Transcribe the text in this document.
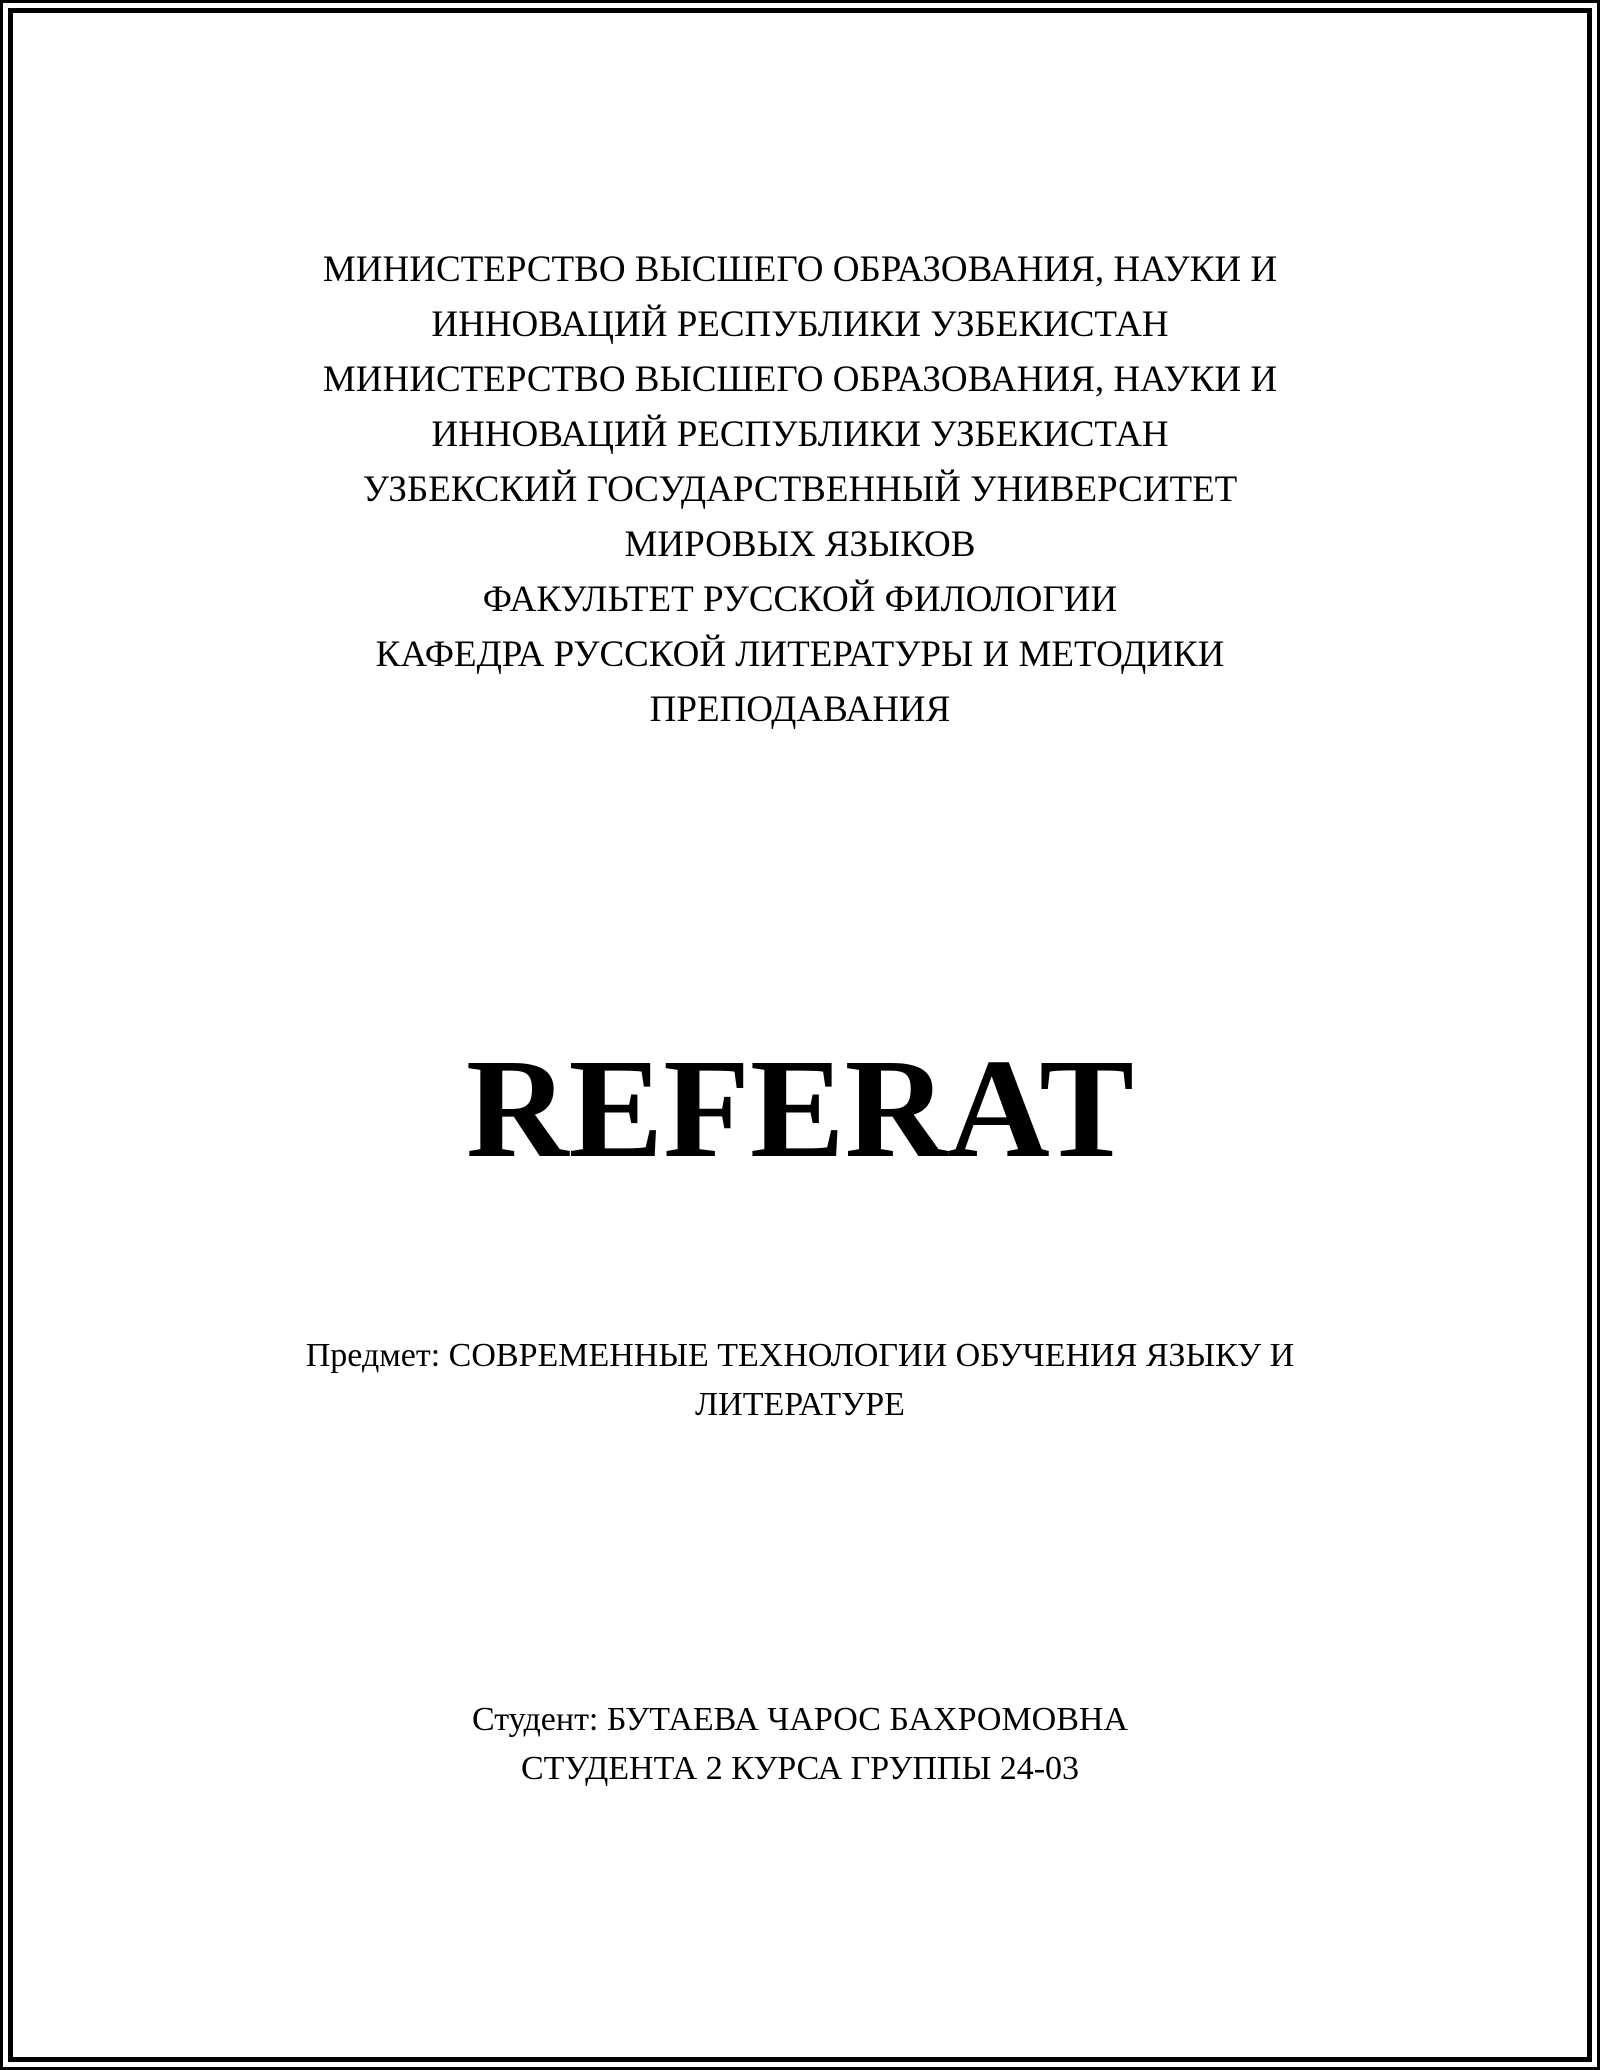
МИНИСТЕРСТВО ВЫСШЕГО ОБРАЗОВАНИЯ, НАУКИ И
ИННОВАЦИЙ РЕСПУБЛИКИ УЗБЕКИСТАН
МИНИСТЕРСТВО ВЫСШЕГО ОБРАЗОВАНИЯ, НАУКИ И
ИННОВАЦИЙ РЕСПУБЛИКИ УЗБЕКИСТАН
УЗБЕКСКИЙ ГОСУДАРСТВЕННЫЙ УНИВЕРСИТЕТ
МИРОВЫХ ЯЗЫКОВ
ФАКУЛЬТЕТ РУССКОЙ ФИЛОЛОГИИ
КАФЕДРА РУССКОЙ ЛИТЕРАТУРЫ И МЕТОДИКИ
ПРЕПОДАВАНИЯ
REFERAT
Предмет: СОВРЕМЕННЫЕ ТЕХНОЛОГИИ ОБУЧЕНИЯ ЯЗЫКУ И
ЛИТЕРАТУРЕ
Студент: БУТАЕВА ЧАРОС БАХРОМОВНА
СТУДЕНТА 2 КУРСА ГРУППЫ 24-03
